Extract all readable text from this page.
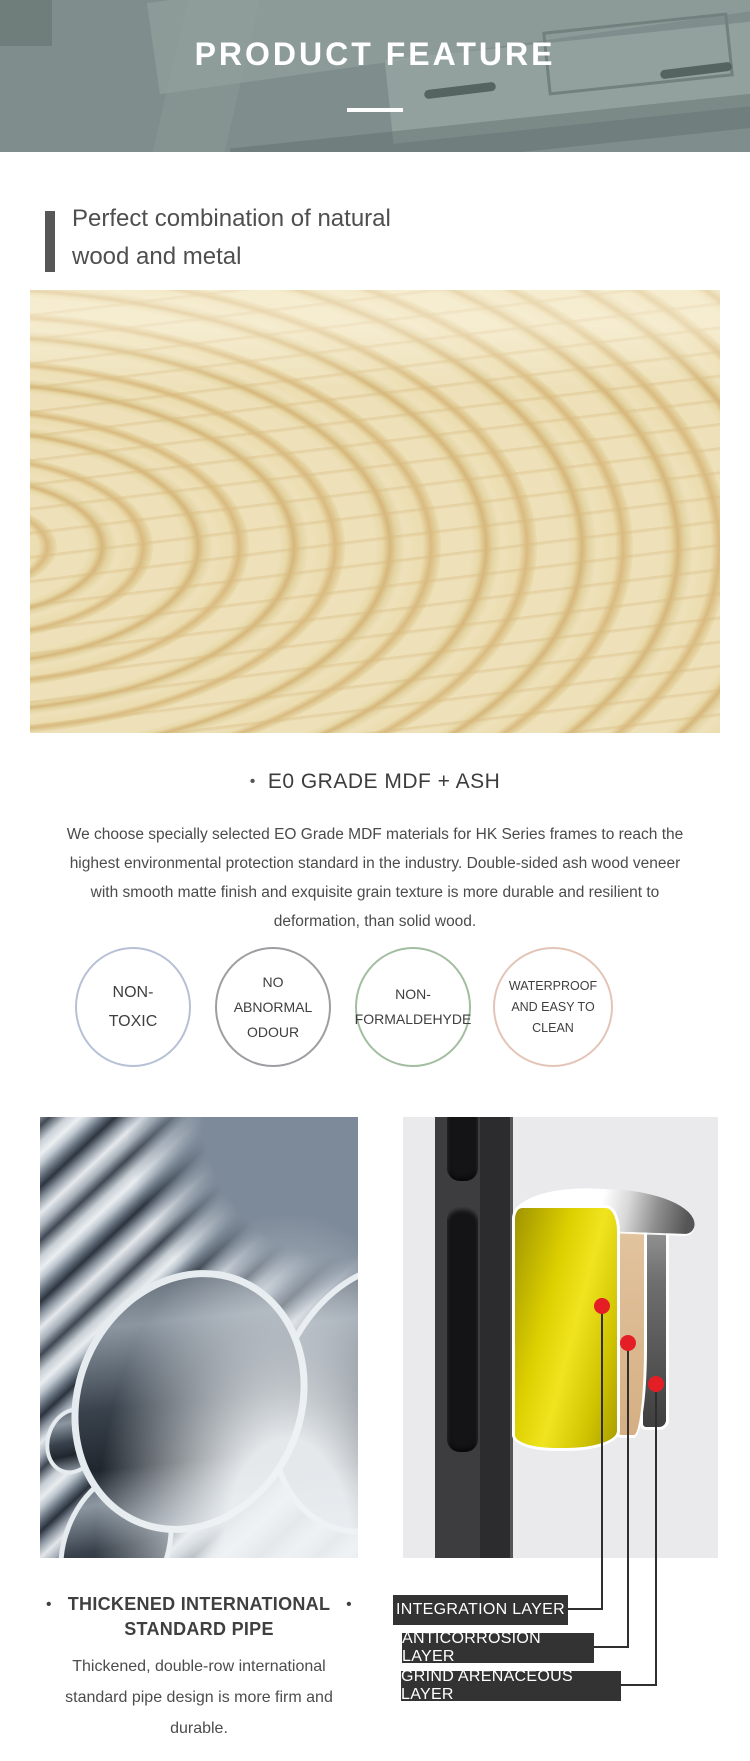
PRODUCT FEATURE
Perfect combination of natural
wood and metal
• E0 GRADE MDF + ASH
We choose specially selected EO Grade MDF materials for HK Series frames to reach the
highest environmental protection standard in the industry. Double-sided ash wood veneer
with smooth matte finish and exquisite grain texture is more durable and resilient to
deformation, than solid wood.
NON-
TOXIC
NO
ABNORMAL
ODOUR
NON-
FORMALDEHYDE
WATERPROOF
AND EASY TO
CLEAN
• THICKENED INTERNATIONAL •
STANDARD PIPE
Thickened, double-row international
standard pipe design is more firm and
durable.
INTEGRATION LAYER
ANTICORROSION LAYER
GRIND ARENACEOUS LAYER
